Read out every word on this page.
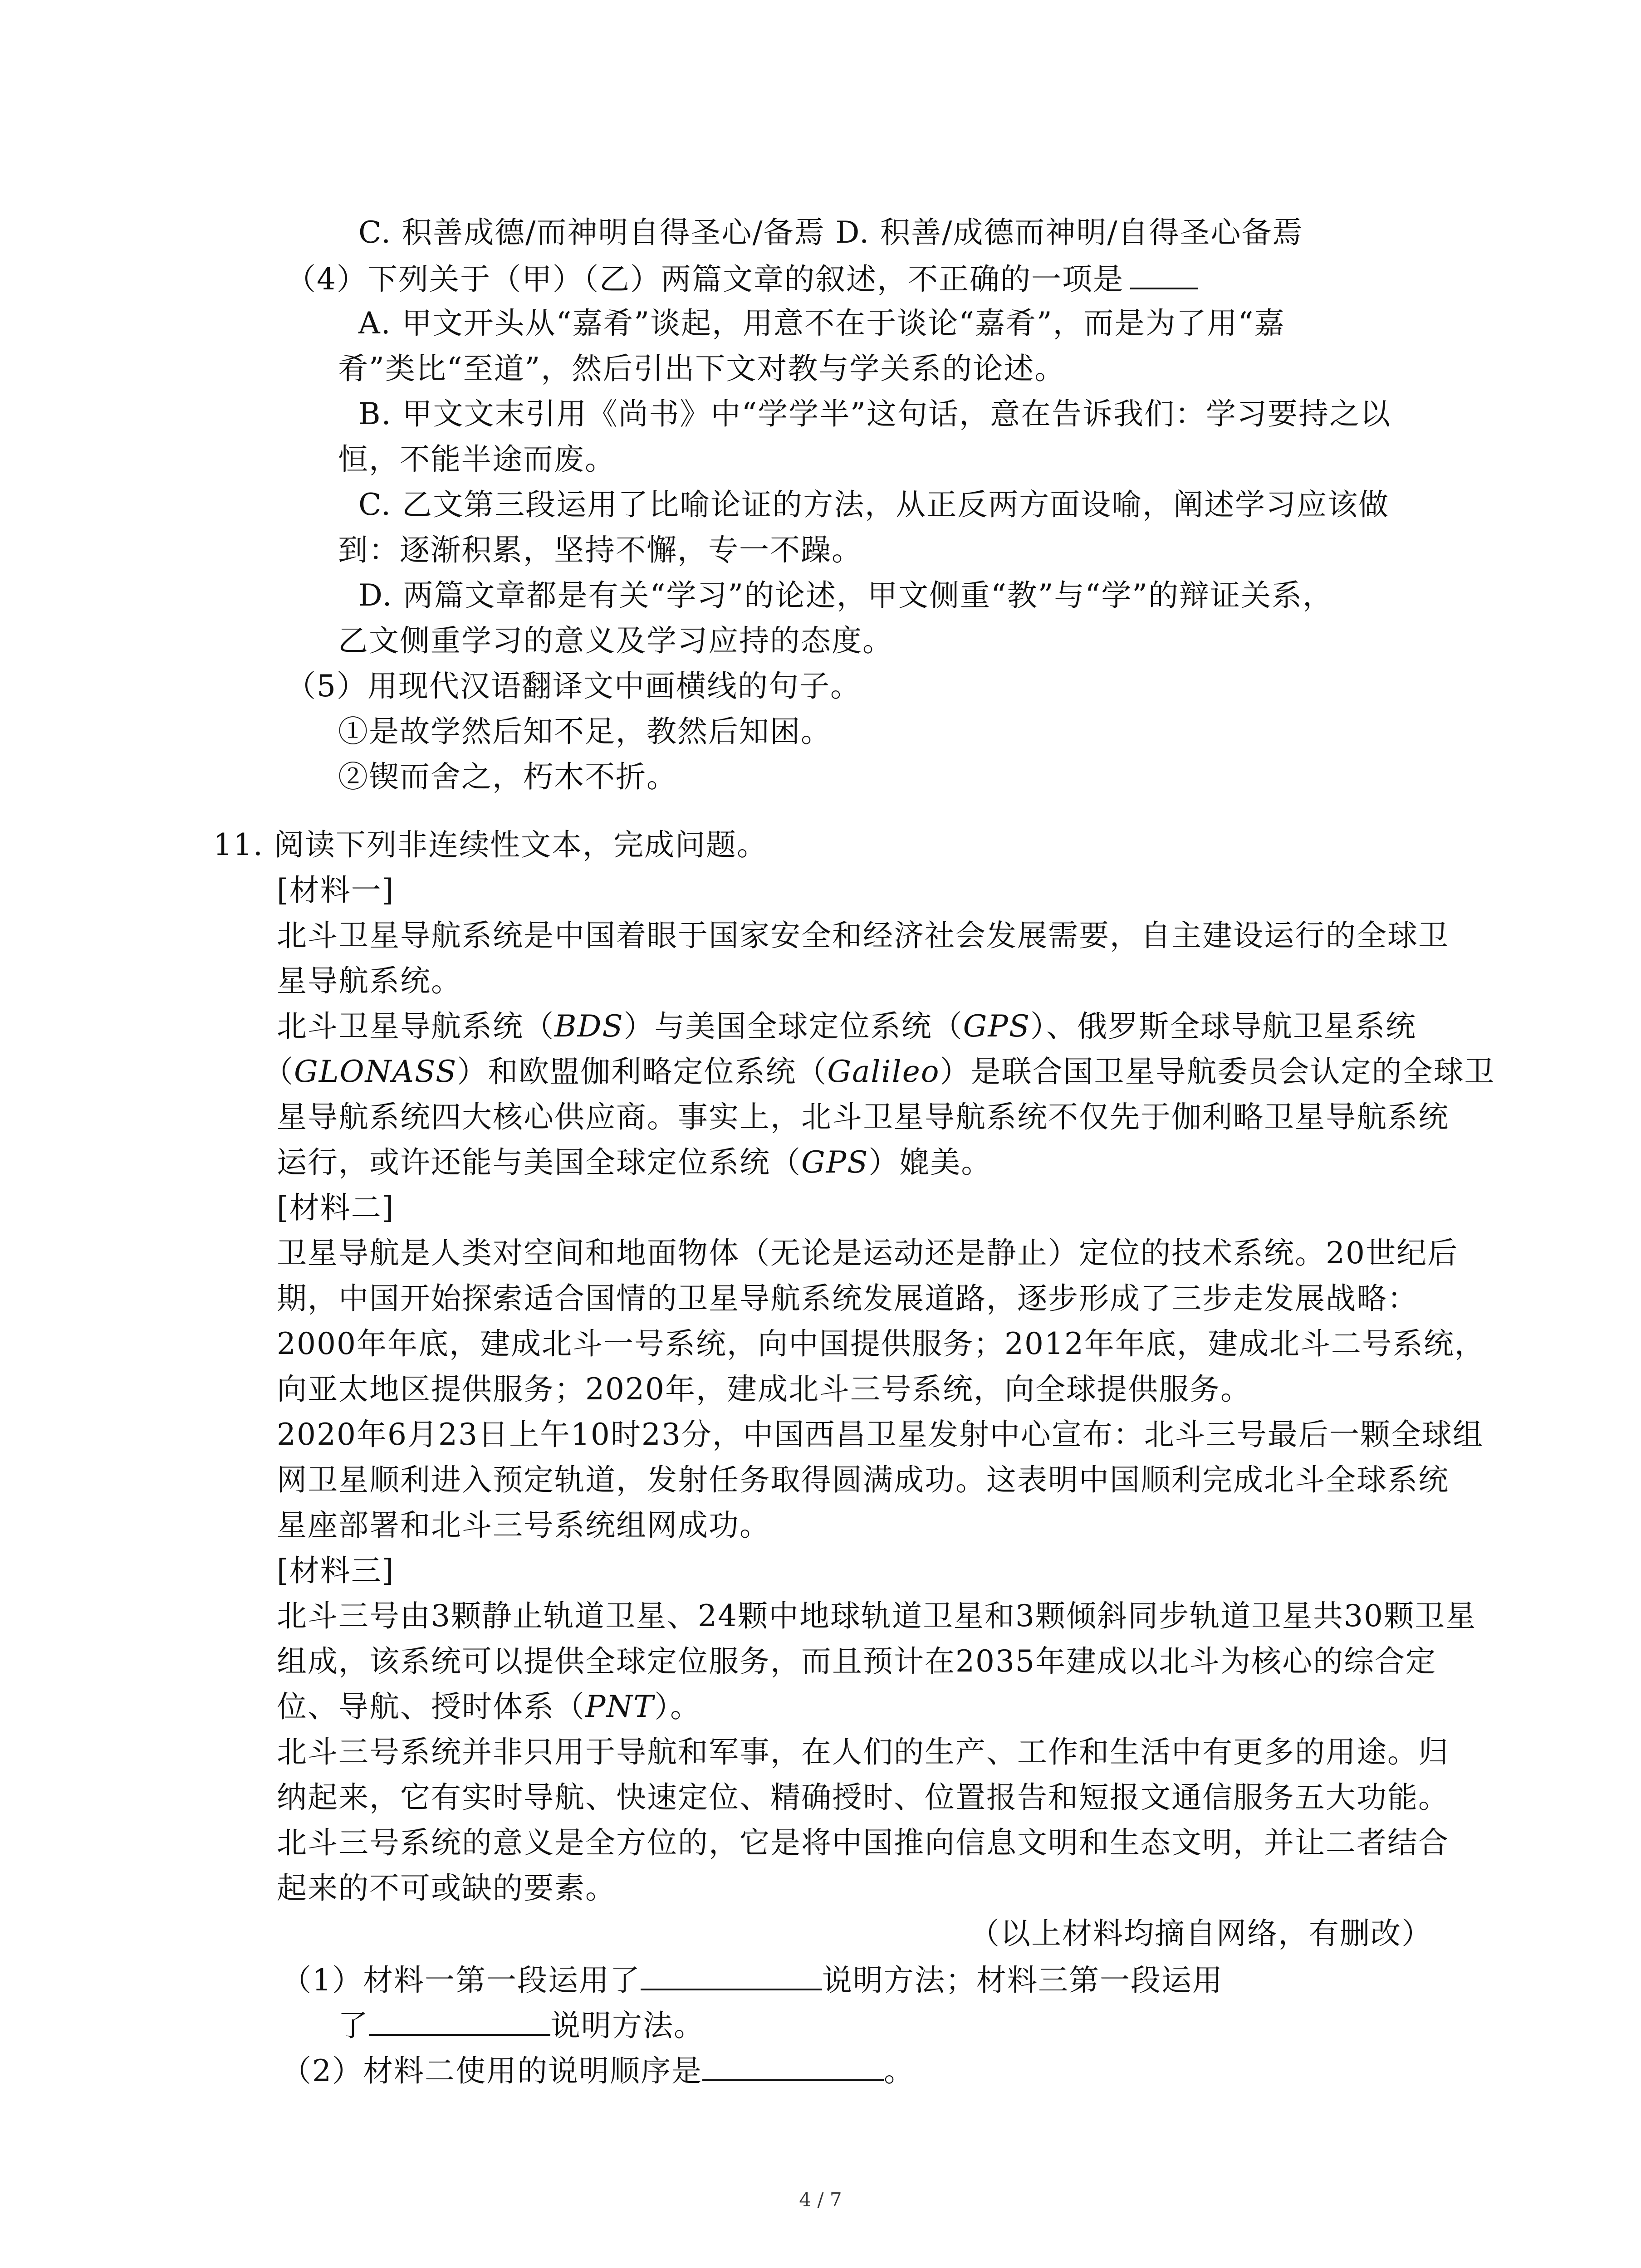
C. 积善成德/而神明自得圣心/备焉 D. 积善/成德而神明/自得圣心备焉
（4）下列关于（甲）（乙）两篇文章的叙述，不正确的一项是
A. 甲文开头从“嘉肴”谈起，用意不在于谈论“嘉肴”，而是为了用“嘉
肴”类比“至道”，然后引出下文对教与学关系的论述。
B. 甲文文末引用《尚书》中“学学半”这句话，意在告诉我们：学习要持之以
恒，不能半途而废。
C. 乙文第三段运用了比喻论证的方法，从正反两方面设喻，阐述学习应该做
到：逐渐积累，坚持不懈，专一不躁。
D. 两篇文章都是有关“学习”的论述，甲文侧重“教”与“学”的辩证关系，
乙文侧重学习的意义及学习应持的态度。
（5）用现代汉语翻译文中画横线的句子。
①是故学然后知不足，教然后知困。
②锲而舍之，朽木不折。
11. 阅读下列非连续性文本，完成问题。
[材料一]
北斗卫星导航系统是中国着眼于国家安全和经济社会发展需要，自主建设运行的全球卫
星导航系统。
北斗卫星导航系统（BDS）与美国全球定位系统（GPS）、俄罗斯全球导航卫星系统
（GLONASS）和欧盟伽利略定位系统（Galileo）是联合国卫星导航委员会认定的全球卫
星导航系统四大核心供应商。事实上，北斗卫星导航系统不仅先于伽利略卫星导航系统
运行，或许还能与美国全球定位系统（GPS）媲美。
[材料二]
卫星导航是人类对空间和地面物体（无论是运动还是静止）定位的技术系统。20世纪后
期，中国开始探索适合国情的卫星导航系统发展道路，逐步形成了三步走发展战略：
2000年年底，建成北斗一号系统，向中国提供服务；2012年年底，建成北斗二号系统，
向亚太地区提供服务；2020年，建成北斗三号系统，向全球提供服务。
2020年6月23日上午10时23分，中国西昌卫星发射中心宣布：北斗三号最后一颗全球组
网卫星顺利进入预定轨道，发射任务取得圆满成功。这表明中国顺利完成北斗全球系统
星座部署和北斗三号系统组网成功。
[材料三]
北斗三号由3颗静止轨道卫星、24颗中地球轨道卫星和3颗倾斜同步轨道卫星共30颗卫星
组成，该系统可以提供全球定位服务，而且预计在2035年建成以北斗为核心的综合定
位、导航、授时体系（PNT）。
北斗三号系统并非只用于导航和军事，在人们的生产、工作和生活中有更多的用途。归
纳起来，它有实时导航、快速定位、精确授时、位置报告和短报文通信服务五大功能。
北斗三号系统的意义是全方位的，它是将中国推向信息文明和生态文明，并让二者结合
起来的不可或缺的要素。
（以上材料均摘自网络，有删改）
（1）材料一第一段运用了	说明方法；材料三第一段运用
了	说明方法。
（2）材料二使用的说明顺序是	。
4 / 7
